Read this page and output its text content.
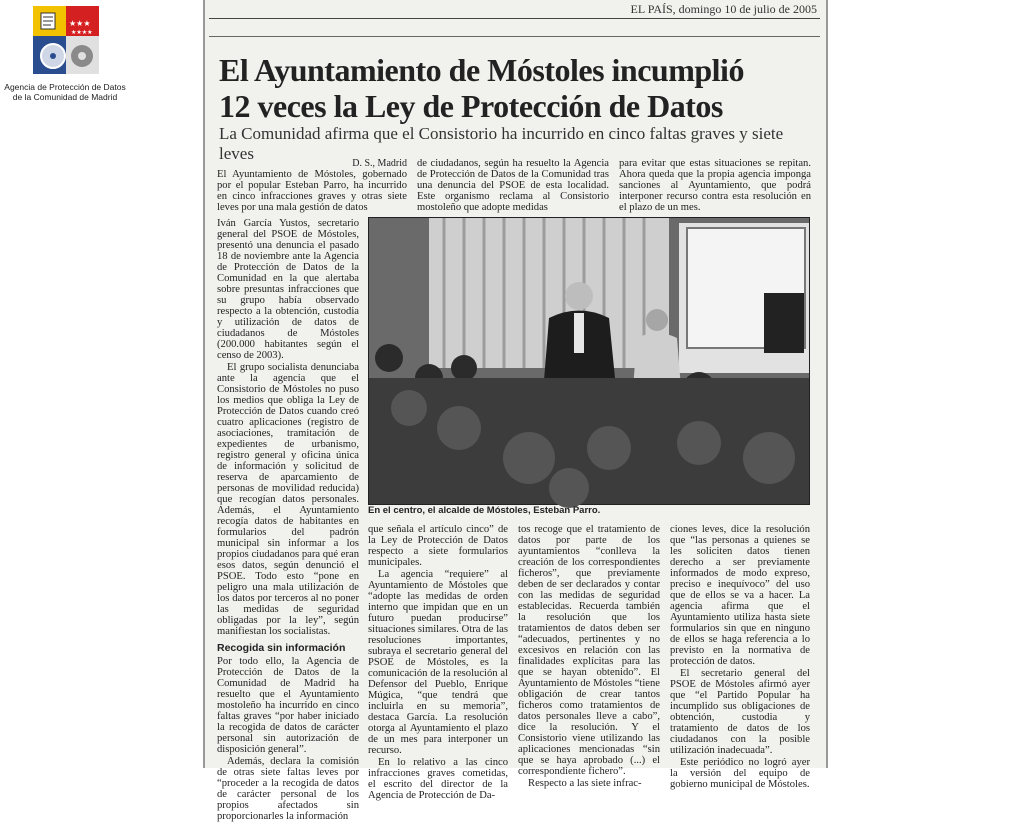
★★★
★★★★
Agencia de Protección de Datos
de la Comunidad de Madrid
EL PAÍS, domingo 10 de julio de 2005
El Ayuntamiento de Móstoles incumplió
12 veces la Ley de Protección de Datos

La Comunidad afirma que el Consistorio ha incurrido en cinco faltas graves y siete leves

D. S., Madrid

El Ayuntamiento de Móstoles, gobernado por el popular Esteban Parro, ha incurrido en cinco infracciones graves y otras siete leves por una mala gestión de datos

de ciudadanos, según ha resuelto la Agencia de Protección de Datos de la Comunidad tras una denuncia del PSOE de esta localidad. Este organismo reclama al Consistorio mostoleño que adopte medidas

para evitar que estas situaciones se repitan. Ahora queda que la propia agencia imponga sanciones al Ayuntamiento, que podrá interponer recurso contra esta resolución en el plazo de un mes.

Iván García Yustos, secretario general del PSOE de Móstoles, presentó una denuncia el pasado 18 de noviembre ante la Agencia de Protección de Datos de la Comunidad en la que alertaba sobre presuntas infracciones que su grupo había observado respecto a la obtención, custodia y utilización de datos de ciudadanos de Móstoles (200.000 habitantes según el censo de 2003).

El grupo socialista denunciaba ante la agencia que el Consistorio de Móstoles no puso los medios que obliga la Ley de Protección de Datos cuando creó cuatro aplicaciones (registro de asociaciones, tramitación de expedientes de urbanismo, registro general y oficina única de información y solicitud de reserva de aparcamiento de personas de movilidad reducida) que recogían datos personales. Además, el Ayuntamiento recogía datos de habitantes en formularios del padrón municipal sin informar a los propios ciudadanos para qué eran esos datos, según denunció el PSOE. Todo esto “pone en peligro una mala utilización de los datos por terceros al no poner las medidas de seguridad obligadas por la ley”, según manifiestan los socialistas.

Recogida sin información

Por todo ello, la Agencia de Protección de Datos de la Comunidad de Madrid ha resuelto que el Ayuntamiento mostoleño ha incurrido en cinco faltas graves “por haber iniciado la recogida de datos de carácter personal sin autorización de disposición general”.

Además, declara la comisión de otras siete faltas leves por “proceder a la recogida de datos de carácter personal de los propios afectados sin proporcionarles la información

En el centro, el alcalde de Móstoles, Esteban Parro.

que señala el artículo cinco” de la Ley de Protección de Datos respecto a siete formularios municipales.

La agencia “requiere” al Ayuntamiento de Móstoles que “adopte las medidas de orden interno que impidan que en un futuro puedan producirse” situaciones similares. Otra de las resoluciones importantes, subraya el secretario general del PSOE de Móstoles, es la comunicación de la resolución al Defensor del Pueblo, Enrique Múgica, “que tendrá que incluirla en su memoria”, destaca García. La resolución otorga al Ayuntamiento el plazo de un mes para interponer un recurso.

En lo relativo a las cinco infracciones graves cometidas, el escrito del director de la Agencia de Protección de Da-

tos recoge que el tratamiento de datos por parte de los ayuntamientos “conlleva la creación de los correspondientes ficheros”, que previamente deben de ser declarados y contar con las medidas de seguridad establecidas. Recuerda también la resolución que los tratamientos de datos deben ser “adecuados, pertinentes y no excesivos en relación con las finalidades explícitas para las que se hayan obtenido”. El Ayuntamiento de Móstoles “tiene obligación de crear tantos ficheros como tratamientos de datos personales lleve a cabo”, dice la resolución. Y el Consistorio viene utilizando las aplicaciones mencionadas “sin que se haya aprobado (...) el correspondiente fichero”.

Respecto a las siete infrac-

ciones leves, dice la resolución que “las personas a quienes se les soliciten datos tienen derecho a ser previamente informados de modo expreso, preciso e inequívoco” del uso que de ellos se va a hacer. La agencia afirma que el Ayuntamiento utiliza hasta siete formularios sin que en ninguno de ellos se haga referencia a lo previsto en la normativa de protección de datos.

El secretario general del PSOE de Móstoles afirmó ayer que “el Partido Popular ha incumplido sus obligaciones de obtención, custodia y tratamiento de datos de los ciudadanos con la posible utilización inadecuada”.

Este periódico no logró ayer la versión del equipo de gobierno municipal de Móstoles.
